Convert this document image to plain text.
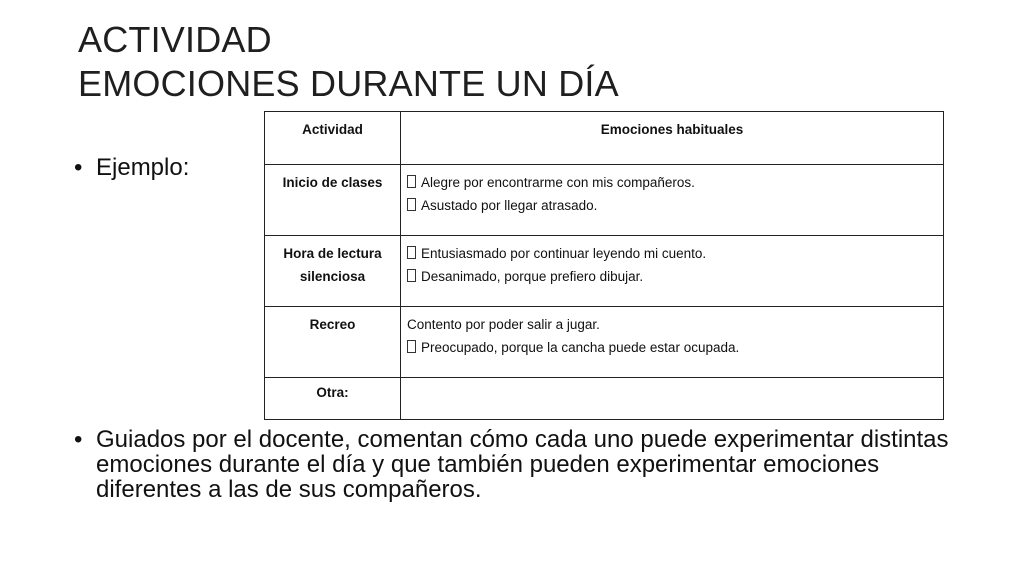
ACTIVIDAD
EMOCIONES DURANTE UN DÍA
• Ejemplo:
Actividad	Emociones habituales

Inicio de clases	Alegre por encontrarme con mis compañeros.
Asustado por llegar atrasado.

Hora de lectura
silenciosa	Entusiasmado por continuar leyendo mi cuento.
Desanimado, porque prefiero dibujar.

Recreo	Contento por poder salir a jugar.
Preocupado, porque la cancha puede estar ocupada.

Otra:	

• Guiados por el docente, comentan cómo cada uno puede experimentar distintas emociones durante el día y que también pueden experimentar emociones diferentes a las de sus compañeros.
